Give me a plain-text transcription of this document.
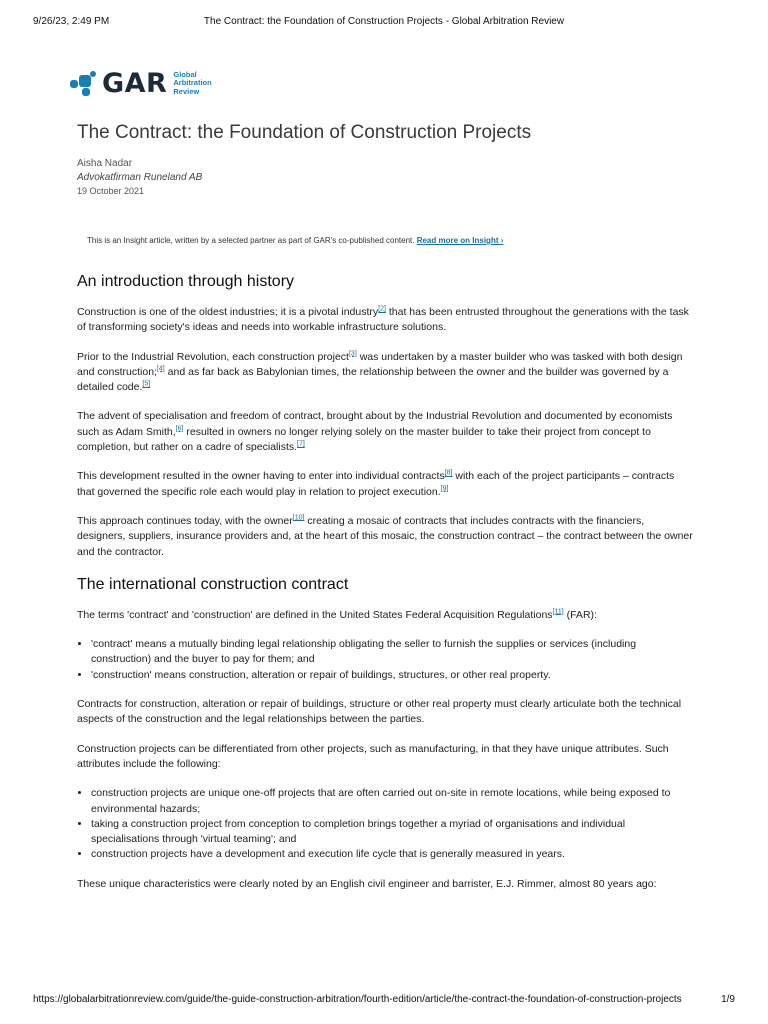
9/26/23, 2:49 PM	The Contract: the Foundation of Construction Projects - Global Arbitration Review
GAR Global
Arbitration
Review
The Contract: the Foundation of Construction Projects
Aisha Nadar
Advokatfirman Runeland AB
19 October 2021
This is an Insight article, written by a selected partner as part of GAR's co-published content. Read more on Insight ›
An introduction through history

Construction is one of the oldest industries; it is a pivotal industry[2] that has been entrusted throughout the generations with the task of transforming society's ideas and needs into workable infrastructure solutions.

Prior to the Industrial Revolution, each construction project[3] was undertaken by a master builder who was tasked with both design and construction;[4] and as far back as Babylonian times, the relationship between the owner and the builder was governed by a detailed code.[5]

The advent of specialisation and freedom of contract, brought about by the Industrial Revolution and documented by economists such as Adam Smith,[6] resulted in owners no longer relying solely on the master builder to take their project from concept to completion, but rather on a cadre of specialists.[7]

This development resulted in the owner having to enter into individual contracts[8] with each of the project participants – contracts that governed the specific role each would play in relation to project execution.[9]

This approach continues today, with the owner[10] creating a mosaic of contracts that includes contracts with the financiers, designers, suppliers, insurance providers and, at the heart of this mosaic, the construction contract – the contract between the owner and the contractor.

The international construction contract

The terms 'contract' and 'construction' are defined in the United States Federal Acquisition Regulations[11] (FAR):

• 'contract' means a mutually binding legal relationship obligating the seller to furnish the supplies or services (including construction) and the buyer to pay for them; and
• 'construction' means construction, alteration or repair of buildings, structures, or other real property.

Contracts for construction, alteration or repair of buildings, structure or other real property must clearly articulate both the technical aspects of the construction and the legal relationships between the parties.

Construction projects can be differentiated from other projects, such as manufacturing, in that they have unique attributes. Such attributes include the following:

• construction projects are unique one-off projects that are often carried out on-site in remote locations, while being exposed to environmental hazards;
• taking a construction project from conception to completion brings together a myriad of organisations and individual specialisations through 'virtual teaming'; and
• construction projects have a development and execution life cycle that is generally measured in years.

These unique characteristics were clearly noted by an English civil engineer and barrister, E.J. Rimmer, almost 80 years ago:

https://globalarbitrationreview.com/guide/the-guide-construction-arbitration/fourth-edition/article/the-contract-the-foundation-of-construction-projects	1/9
